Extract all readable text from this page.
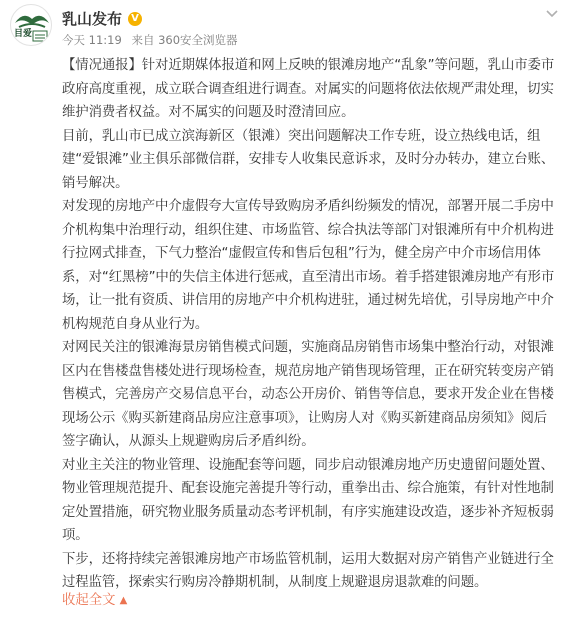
目爱
乳山发布 V
今天 11:19 来自 360安全浏览器

【情况通报】针对近期媒体报道和网上反映的银滩房地产“乱象”等问题，乳山市委市政府高度重视，成立联合调查组进行调查。对属实的问题将依法依规严肃处理，切实维护消费者权益。对不属实的问题及时澄清回应。

目前，乳山市已成立滨海新区（银滩）突出问题解决工作专班，设立热线电话，组建“爱银滩”业主俱乐部微信群，安排专人收集民意诉求，及时分办转办，建立台账、销号解决。

对发现的房地产中介虚假夸大宣传导致购房矛盾纠纷频发的情况，部署开展二手房中介机构集中治理行动，组织住建、市场监管、综合执法等部门对银滩所有中介机构进行拉网式排查，下气力整治“虚假宣传和售后包租”行为，健全房产中介市场信用体系，对“红黑榜”中的失信主体进行惩戒，直至清出市场。着手搭建银滩房地产有形市场，让一批有资质、讲信用的房地产中介机构进驻，通过树先培优，引导房地产中介机构规范自身从业行为。

对网民关注的银滩海景房销售模式问题，实施商品房销售市场集中整治行动，对银滩区内在售楼盘售楼处进行现场检查，规范房地产销售现场管理，正在研究转变房产销售模式，完善房产交易信息平台，动态公开房价、销售等信息，要求开发企业在售楼现场公示《购买新建商品房应注意事项》，让购房人对《购买新建商品房须知》阅后签字确认，从源头上规避购房后矛盾纠纷。

对业主关注的物业管理、设施配套等问题，同步启动银滩房地产历史遗留问题处置、物业管理规范提升、配套设施完善提升等行动，重拳出击、综合施策，有针对性地制定处置措施，研究物业服务质量动态考评机制，有序实施建设改造，逐步补齐短板弱项。

下步，还将持续完善银滩房地产市场监管机制，运用大数据对房产销售产业链进行全过程监管，探索实行购房冷静期机制，从制度上规避退房退款难的问题。

收起全文 ▲
